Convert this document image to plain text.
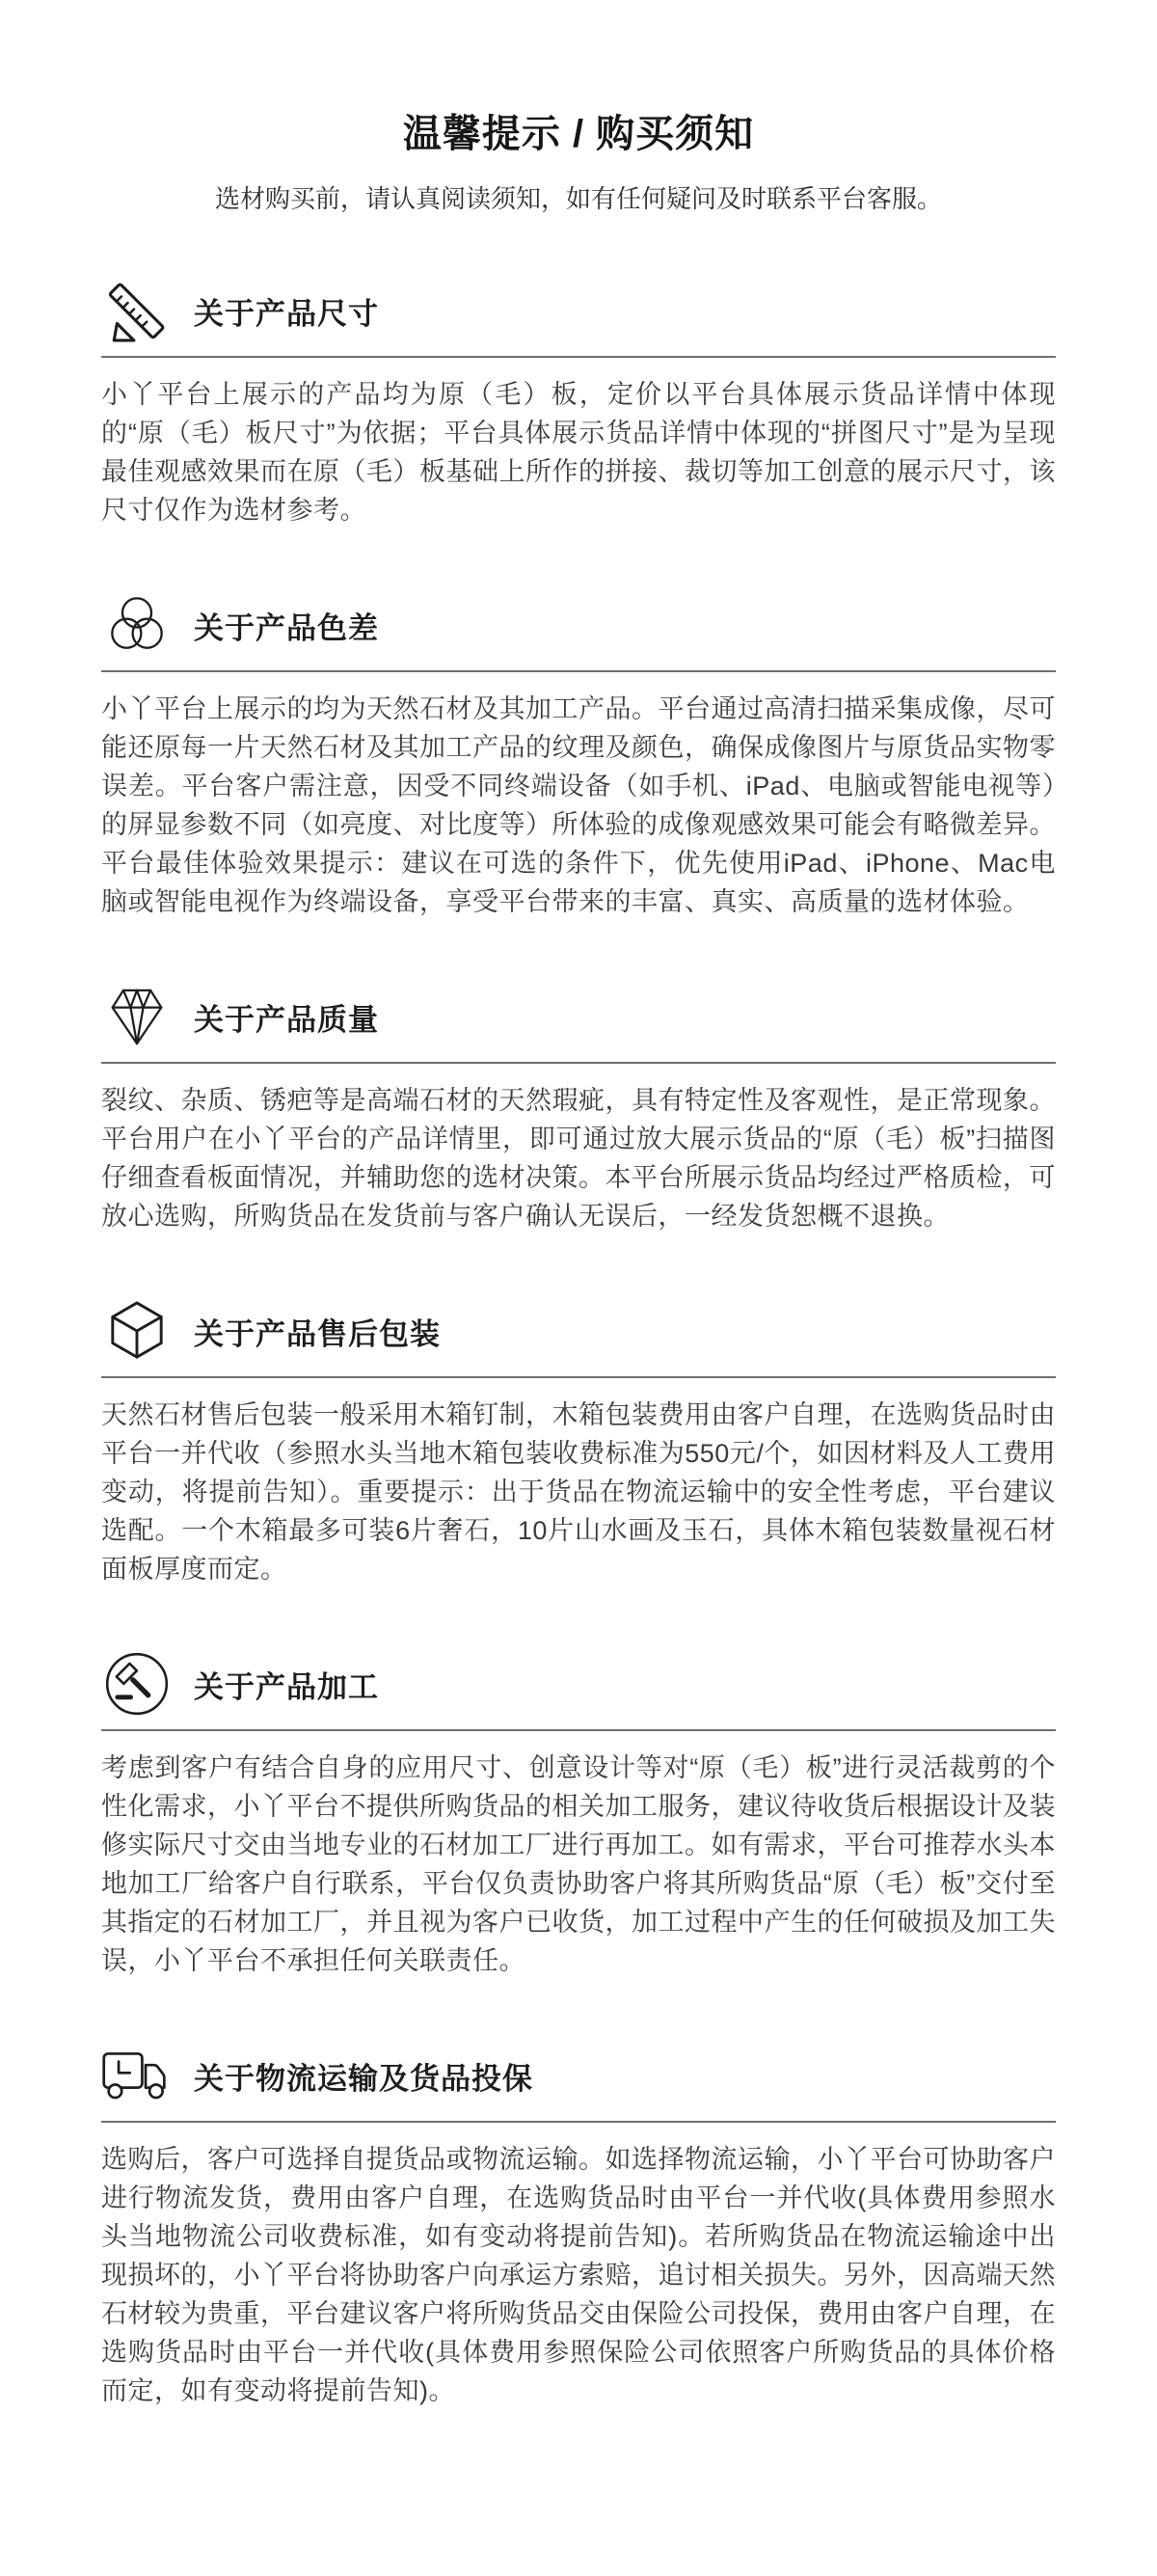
温馨提示 / 购买须知
选材购买前，请认真阅读须知，如有任何疑问及时联系平台客服。
关于产品尺寸

小丫平台上展示的产品均为原（毛）板，定价以平台具体展示货品详情中体现的“原（毛）板尺寸”为依据；平台具体展示货品详情中体现的“拼图尺寸”是为呈现最佳观感效果而在原（毛）板基础上所作的拼接、裁切等加工创意的展示尺寸，该尺寸仅作为选材参考。

关于产品色差

小丫平台上展示的均为天然石材及其加工产品。平台通过高清扫描采集成像，尽可能还原每一片天然石材及其加工产品的纹理及颜色，确保成像图片与原货品实物零误差。平台客户需注意，因受不同终端设备（如手机、iPad、电脑或智能电视等）的屏显参数不同（如亮度、对比度等）所体验的成像观感效果可能会有略微差异。平台最佳体验效果提示：建议在可选的条件下，优先使用iPad、iPhone、Mac电脑或智能电视作为终端设备，享受平台带来的丰富、真实、高质量的选材体验。

关于产品质量

裂纹、杂质、锈疤等是高端石材的天然瑕疵，具有特定性及客观性，是正常现象。平台用户在小丫平台的产品详情里，即可通过放大展示货品的“原（毛）板”扫描图仔细查看板面情况，并辅助您的选材决策。本平台所展示货品均经过严格质检，可放心选购，所购货品在发货前与客户确认无误后，一经发货恕概不退换。

关于产品售后包装

天然石材售后包装一般采用木箱钉制，木箱包装费用由客户自理，在选购货品时由平台一并代收（参照水头当地木箱包装收费标准为550元/个，如因材料及人工费用变动，将提前告知）。重要提示：出于货品在物流运输中的安全性考虑，平台建议选配。一个木箱最多可装6片奢石，10片山水画及玉石，具体木箱包装数量视石材面板厚度而定。

关于产品加工

考虑到客户有结合自身的应用尺寸、创意设计等对“原（毛）板”进行灵活裁剪的个性化需求，小丫平台不提供所购货品的相关加工服务，建议待收货后根据设计及装修实际尺寸交由当地专业的石材加工厂进行再加工。如有需求，平台可推荐水头本地加工厂给客户自行联系，平台仅负责协助客户将其所购货品“原（毛）板”交付至其指定的石材加工厂，并且视为客户已收货，加工过程中产生的任何破损及加工失误，小丫平台不承担任何关联责任。

关于物流运输及货品投保

选购后，客户可选择自提货品或物流运输。如选择物流运输，小丫平台可协助客户进行物流发货，费用由客户自理，在选购货品时由平台一并代收(具体费用参照水头当地物流公司收费标准，如有变动将提前告知)。若所购货品在物流运输途中出现损坏的，小丫平台将协助客户向承运方索赔，追讨相关损失。另外，因高端天然石材较为贵重，平台建议客户将所购货品交由保险公司投保，费用由客户自理，在选购货品时由平台一并代收(具体费用参照保险公司依照客户所购货品的具体价格而定，如有变动将提前告知)。
